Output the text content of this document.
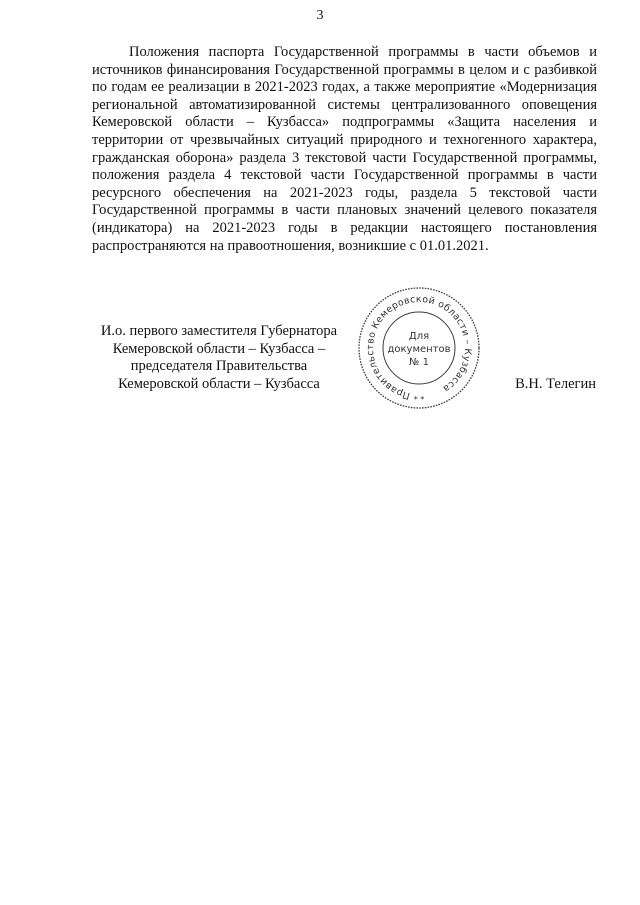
3

Положения паспорта Государственной программы в части объемов и источников финансирования Государственной программы в целом и с разбивкой по годам ее реализации в 2021-2023 годах, а также мероприятие «Модернизация региональной автоматизированной системы централизованного оповещения Кемеровской области – Кузбасса» подпрограммы «Защита населения и территории от чрезвычайных ситуаций природного и техногенного характера, гражданская оборона» раздела 3 текстовой части Государственной программы, положения раздела 4 текстовой части Государственной программы в части ресурсного обеспечения на 2021-2023 годы, раздела 5 текстовой части Государственной программы в части плановых значений целевого показателя (индикатора) на 2021-2023 годы в редакции настоящего постановления распространяются на правоотношения, возникшие с 01.01.2021.

И.о. первого заместителя Губернатора
Кемеровской области – Кузбасса –
председателя Правительства
Кемеровской области – Кузбасса
Правительство Кемеровской области – Кузбасса
* *
Для
документов
№ 1
В.Н. Телегин
